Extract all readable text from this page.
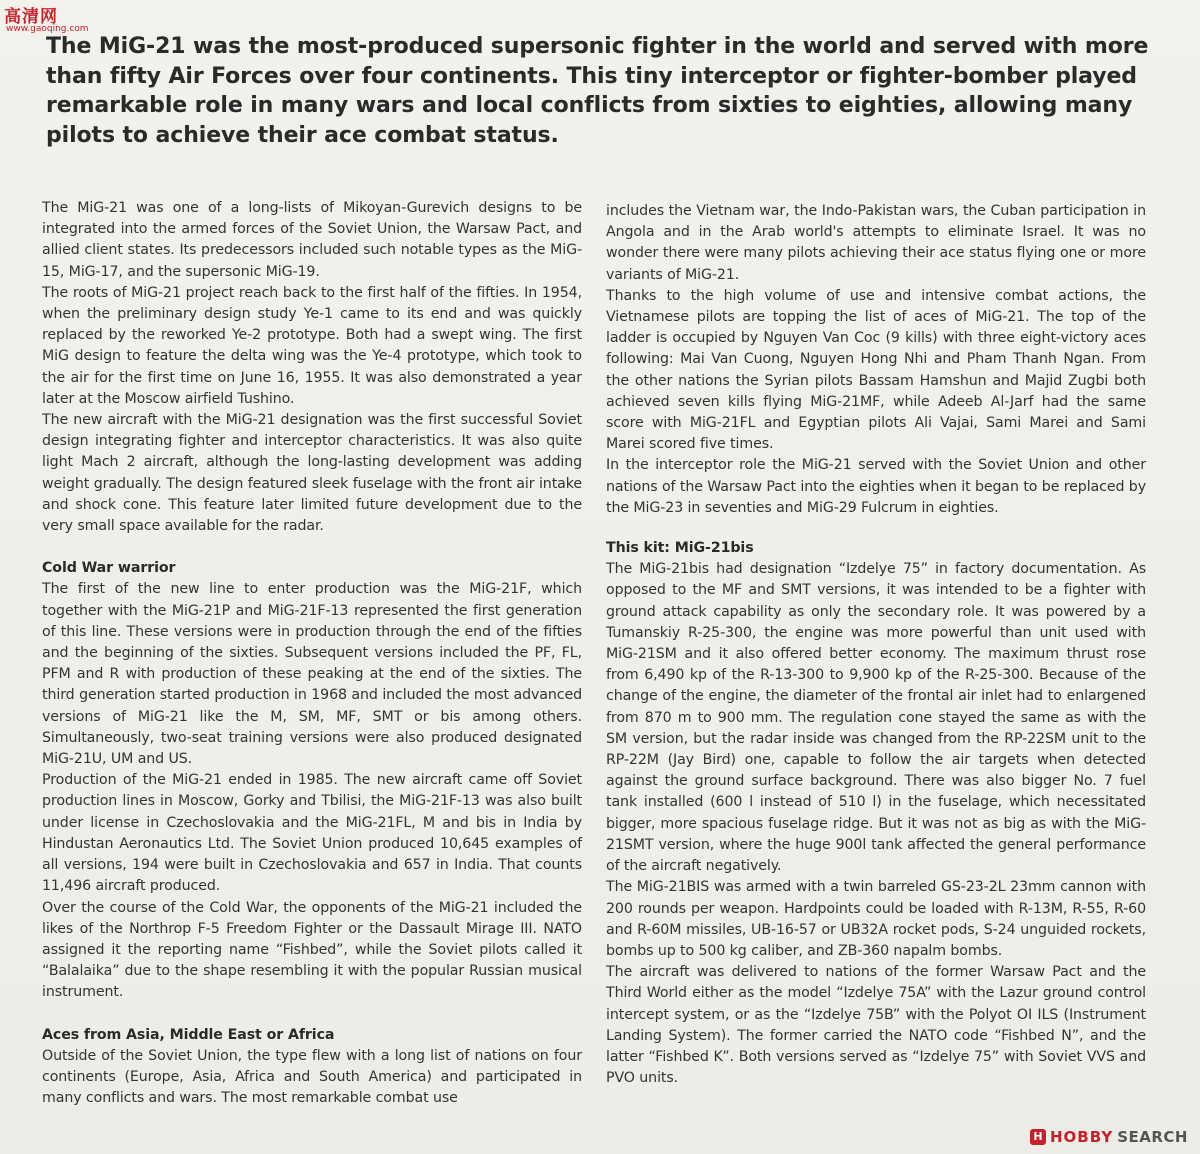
高清网
www.gaoqing.com
The MiG-21 was the most-produced supersonic fighter in the world and served with more than fifty Air Forces over four continents. This tiny interceptor or fighter-bomber played remarkable role in many wars and local conflicts from sixties to eighties, allowing many pilots to achieve their ace combat status.

The MiG-21 was one of a long-lists of Mikoyan-Gurevich designs to be integrated into the armed forces of the Soviet Union, the Warsaw Pact, and allied client states. Its predecessors included such notable types as the MiG-15, MiG-17, and the supersonic MiG-19.

The roots of MiG-21 project reach back to the first half of the fifties. In 1954, when the preliminary design study Ye-1 came to its end and was quickly replaced by the reworked Ye-2 prototype. Both had a swept wing. The first MiG design to feature the delta wing was the Ye-4 prototype, which took to the air for the first time on June 16, 1955. It was also demonstrated a year later at the Moscow airfield Tushino.

The new aircraft with the MiG-21 designation was the first successful Soviet design integrating fighter and interceptor characteristics. It was also quite light Mach 2 aircraft, although the long-lasting development was adding weight gradually. The design featured sleek fuselage with the front air intake and shock cone. This feature later limited future development due to the very small space available for the radar.

Cold War warrior

The first of the new line to enter production was the MiG-21F, which together with the MiG-21P and MiG-21F-13 represented the first generation of this line. These versions were in production through the end of the fifties and the beginning of the sixties. Subsequent versions included the PF, FL, PFM and R with production of these peaking at the end of the sixties. The third generation started production in 1968 and included the most advanced versions of MiG-21 like the M, SM, MF, SMT or bis among others. Simultaneously, two-seat training versions were also produced designated MiG-21U, UM and US.

Production of the MiG-21 ended in 1985. The new aircraft came off Soviet production lines in Moscow, Gorky and Tbilisi, the MiG-21F-13 was also built under license in Czechoslovakia and the MiG-21FL, M and bis in India by Hindustan Aeronautics Ltd. The Soviet Union produced 10,645 examples of all versions, 194 were built in Czechoslovakia and 657 in India. That counts 11,496 aircraft produced.

Over the course of the Cold War, the opponents of the MiG-21 included the likes of the Northrop F-5 Freedom Fighter or the Dassault Mirage III. NATO assigned it the reporting name “Fishbed”, while the Soviet pilots called it “Balalaika” due to the shape resembling it with the popular Russian musical instrument.

Aces from Asia, Middle East or Africa

Outside of the Soviet Union, the type flew with a long list of nations on four continents (Europe, Asia, Africa and South America) and participated in many conflicts and wars. The most remarkable combat use

includes the Vietnam war, the Indo-Pakistan wars, the Cuban participation in Angola and in the Arab world's attempts to eliminate Israel. It was no wonder there were many pilots achieving their ace status flying one or more variants of MiG-21.

Thanks to the high volume of use and intensive combat actions, the Vietnamese pilots are topping the list of aces of MiG-21. The top of the ladder is occupied by Nguyen Van Coc (9 kills) with three eight-victory aces following: Mai Van Cuong, Nguyen Hong Nhi and Pham Thanh Ngan. From the other nations the Syrian pilots Bassam Hamshun and Majid Zugbi both achieved seven kills flying MiG-21MF, while Adeeb Al-Jarf had the same score with MiG-21FL and Egyptian pilots Ali Vajai, Sami Marei and Sami Marei scored five times.

In the interceptor role the MiG-21 served with the Soviet Union and other nations of the Warsaw Pact into the eighties when it began to be replaced by the MiG-23 in seventies and MiG-29 Fulcrum in eighties.

This kit: MiG-21bis

The MiG-21bis had designation “Izdelye 75” in factory documentation. As opposed to the MF and SMT versions, it was intended to be a fighter with ground attack capability as only the secondary role. It was powered by a Tumanskiy R-25-300, the engine was more powerful than unit used with MiG-21SM and it also offered better economy. The maximum thrust rose from 6,490 kp of the R-13-300 to 9,900 kp of the R-25-300. Because of the change of the engine, the diameter of the frontal air inlet had to enlargened from 870 m to 900 mm. The regulation cone stayed the same as with the SM version, but the radar inside was changed from the RP-22SM unit to the RP-22M (Jay Bird) one, capable to follow the air targets when detected against the ground surface background. There was also bigger No. 7 fuel tank installed (600 l instead of 510 l) in the fuselage, which necessitated bigger, more spacious fuselage ridge. But it was not as big as with the MiG-21SMT version, where the huge 900l tank affected the general performance of the aircraft negatively.

The MiG-21BIS was armed with a twin barreled GS-23-2L 23mm cannon with 200 rounds per weapon. Hardpoints could be loaded with R-13M, R-55, R-60 and R-60M missiles, UB-16-57 or UB32A rocket pods, S-24 unguided rockets, bombs up to 500 kg caliber, and ZB-360 napalm bombs.

The aircraft was delivered to nations of the former Warsaw Pact and the Third World either as the model “Izdelye 75A” with the Lazur ground control intercept system, or as the “Izdelye 75B” with the Polyot OI ILS (Instrument Landing System). The former carried the NATO code “Fishbed N”, and the latter “Fishbed K”. Both versions served as “Izdelye 75” with Soviet VVS and PVO units.

H HOBBY SEARCH
